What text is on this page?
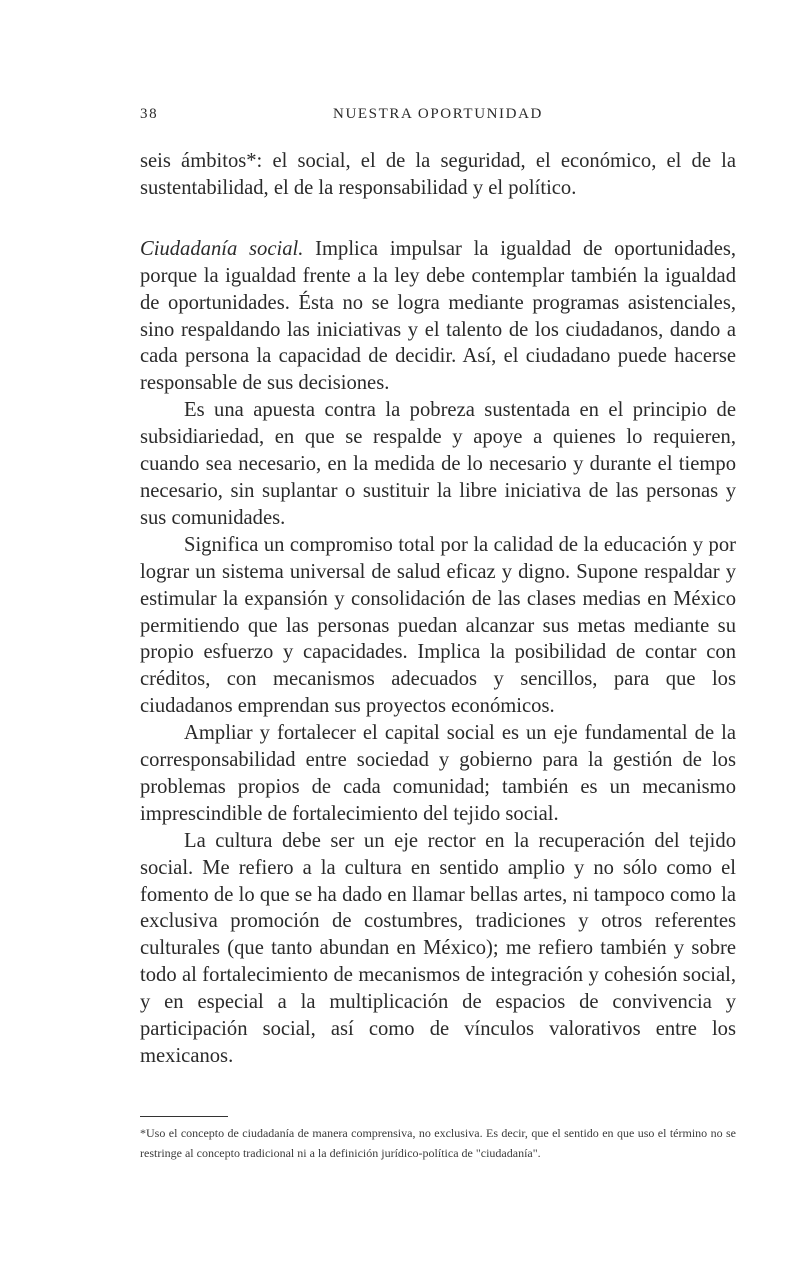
38	NUESTRA OPORTUNIDAD

seis ámbitos*: el social, el de la seguridad, el económico, el de la sustentabilidad, el de la responsabilidad y el político.

Ciudadanía social. Implica impulsar la igualdad de oportunidades, porque la igualdad frente a la ley debe contemplar también la igualdad de oportunidades. Ésta no se logra mediante programas asistenciales, sino respaldando las iniciativas y el talento de los ciudadanos, dando a cada persona la capacidad de decidir. Así, el ciudadano puede hacerse responsable de sus decisiones.

Es una apuesta contra la pobreza sustentada en el principio de subsidiariedad, en que se respalde y apoye a quienes lo requieren, cuando sea necesario, en la medida de lo necesario y durante el tiempo necesario, sin suplantar o sustituir la libre iniciativa de las personas y sus comunidades.

Significa un compromiso total por la calidad de la educación y por lograr un sistema universal de salud eficaz y digno. Supone respaldar y estimular la expansión y consolidación de las clases medias en México permitiendo que las personas puedan alcanzar sus metas mediante su propio esfuerzo y capacidades. Implica la posibilidad de contar con créditos, con mecanismos adecuados y sencillos, para que los ciudadanos emprendan sus proyectos económicos.

Ampliar y fortalecer el capital social es un eje fundamental de la corresponsabilidad entre sociedad y gobierno para la gestión de los problemas propios de cada comunidad; también es un mecanismo imprescindible de fortalecimiento del tejido social.

La cultura debe ser un eje rector en la recuperación del tejido social. Me refiero a la cultura en sentido amplio y no sólo como el fomento de lo que se ha dado en llamar bellas artes, ni tampoco como la exclusiva promoción de costumbres, tradiciones y otros referentes culturales (que tanto abundan en México); me refiero también y sobre todo al fortalecimiento de mecanismos de integración y cohesión social, y en especial a la multiplicación de espacios de convivencia y participación social, así como de vínculos valorativos entre los mexicanos.

*Uso el concepto de ciudadanía de manera comprensiva, no exclusiva. Es decir, que el sentido en que uso el término no se restringe al concepto tradicional ni a la definición jurídico-política de "ciudadanía".
